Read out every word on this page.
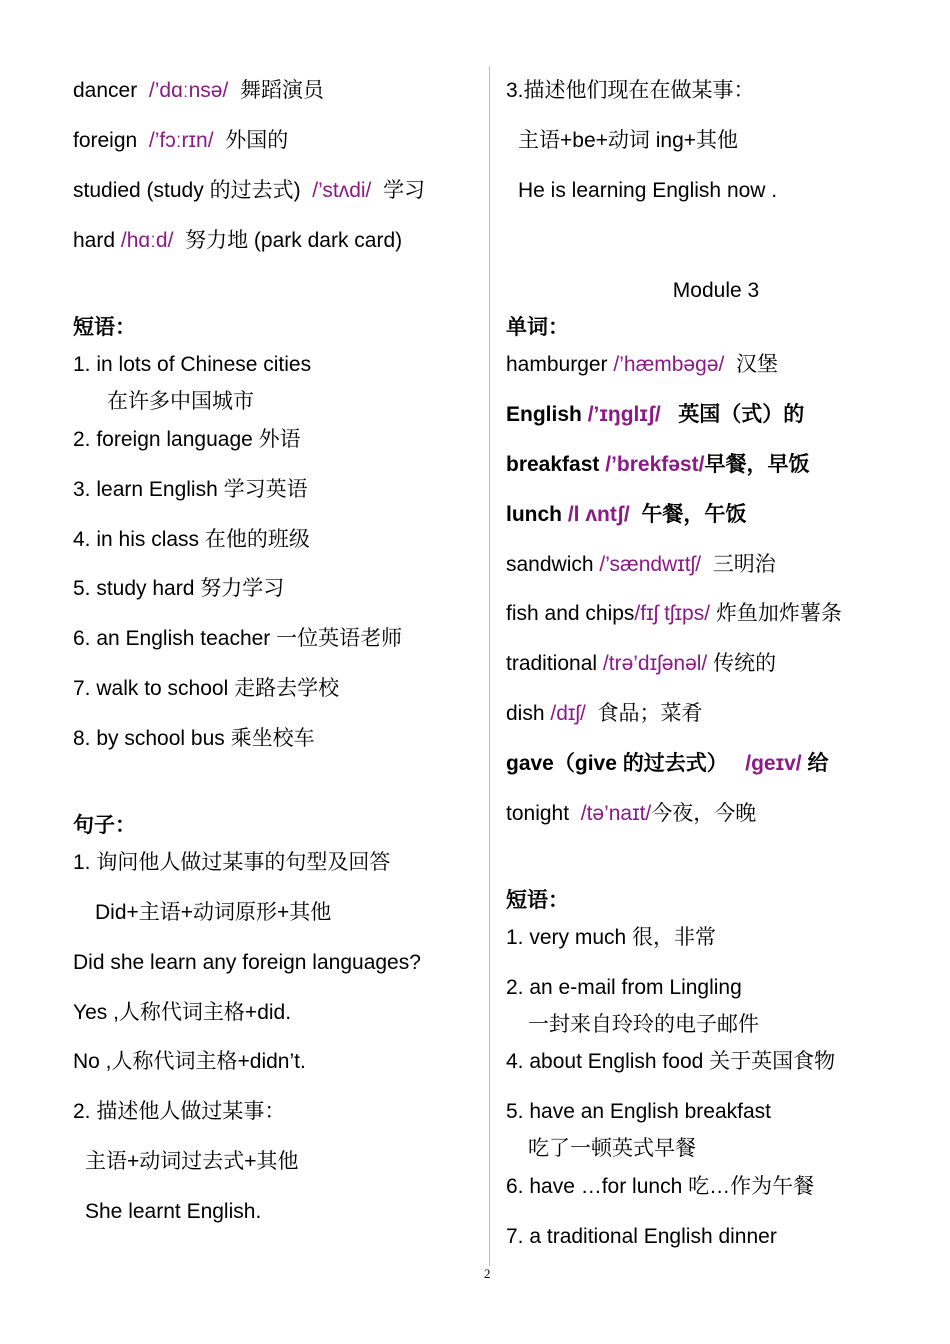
dancer /’dɑːnsə/ 舞蹈演员
foreign /’fɔːrɪn/ 外国的
studied (study 的过去式) /’stʌdi/ 学习
hard /hɑːd/ 努力地 (park dark card)
短语：
1. in lots of Chinese cities
在许多中国城市
2. foreign language 外语
3. learn English 学习英语
4. in his class 在他的班级
5. study hard 努力学习
6. an English teacher 一位英语老师
7. walk to school 走路去学校
8. by school bus 乘坐校车
句子：
1. 询问他人做过某事的句型及回答
Did+主语+动词原形+其他
Did she learn any foreign languages?
Yes ,人称代词主格+did.
No ,人称代词主格+didn’t.
2. 描述他人做过某事：
主语+动词过去式+其他
She learnt English.
3.描述他们现在在做某事：
主语+be+动词 ing+其他
He is learning English now .
Module 3
单词：
hamburger /’hæmbəgə/ 汉堡
English /’ɪŋglɪʃ/ 英国（式）的
breakfast /’brekfəst/早餐，早饭
lunch /l ʌntʃ/ 午餐，午饭
sandwich /’sændwɪtʃ/ 三明治
fish and chips/fɪʃ tʃɪps/ 炸鱼加炸薯条
traditional /trə’dɪʃənəl/ 传统的
dish /dɪʃ/ 食品；菜肴
gave（give 的过去式） /geɪv/ 给
tonight /tə’naɪt/今夜，今晚
短语：
1. very much 很，非常
2. an e-mail from Lingling
一封来自玲玲的电子邮件
4. about English food 关于英国食物
5. have an English breakfast
吃了一顿英式早餐
6. have …for lunch 吃…作为午餐
7. a traditional English dinner
2
